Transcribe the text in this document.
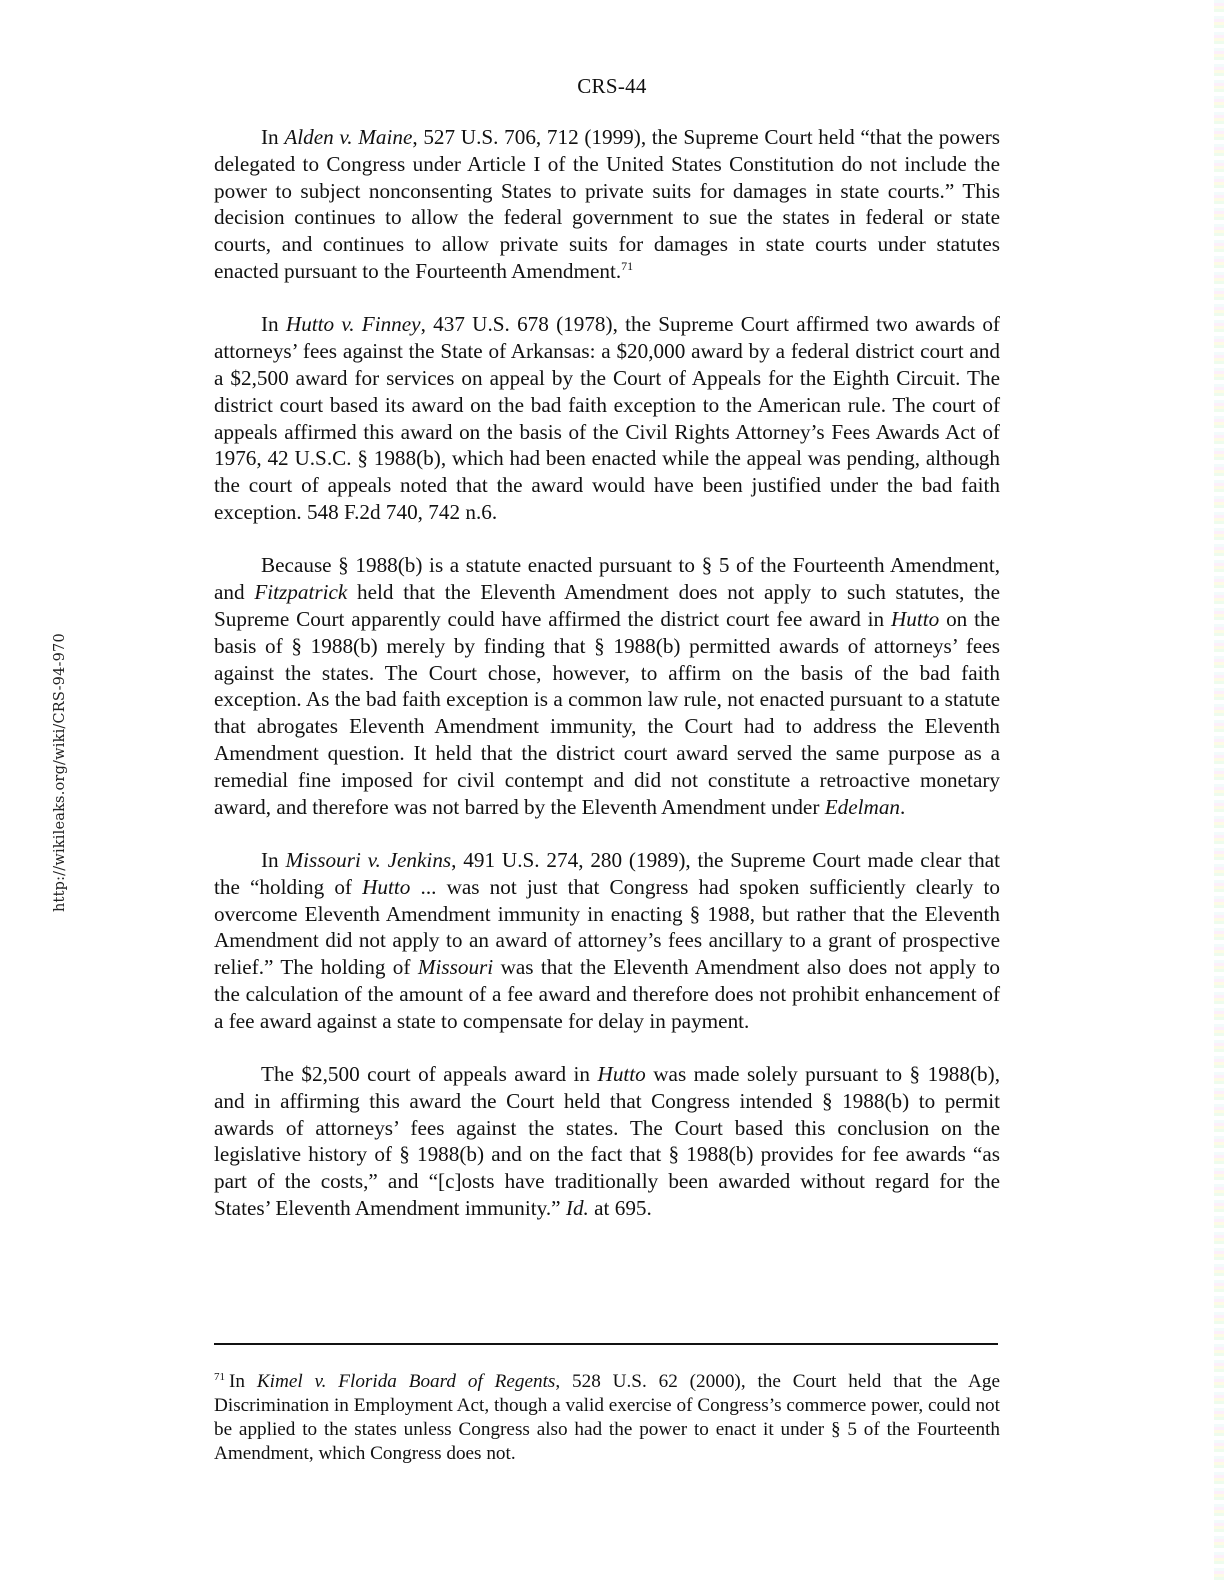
http://wikileaks.org/wiki/CRS-94-970
CRS-44

In Alden v. Maine, 527 U.S. 706, 712 (1999), the Supreme Court held “that the powers delegated to Congress under Article I of the United States Constitution do not include the power to subject nonconsenting States to private suits for damages in state courts.” This decision continues to allow the federal government to sue the states in federal or state courts, and continues to allow private suits for damages in state courts under statutes enacted pursuant to the Fourteenth Amendment.$^{71}$

In Hutto v. Finney, 437 U.S. 678 (1978), the Supreme Court affirmed two awards of attorneys’ fees against the State of Arkansas: a $20,000 award by a federal district court and a $2,500 award for services on appeal by the Court of Appeals for the Eighth Circuit. The district court based its award on the bad faith exception to the American rule. The court of appeals affirmed this award on the basis of the Civil Rights Attorney’s Fees Awards Act of 1976, 42 U.S.C. § 1988(b), which had been enacted while the appeal was pending, although the court of appeals noted that the award would have been justified under the bad faith exception. 548 F.2d 740, 742 n.6.

Because § 1988(b) is a statute enacted pursuant to § 5 of the Fourteenth Amendment, and Fitzpatrick held that the Eleventh Amendment does not apply to such statutes, the Supreme Court apparently could have affirmed the district court fee award in Hutto on the basis of § 1988(b) merely by finding that § 1988(b) permitted awards of attorneys’ fees against the states. The Court chose, however, to affirm on the basis of the bad faith exception. As the bad faith exception is a common law rule, not enacted pursuant to a statute that abrogates Eleventh Amendment immunity, the Court had to address the Eleventh Amendment question. It held that the district court award served the same purpose as a remedial fine imposed for civil contempt and did not constitute a retroactive monetary award, and therefore was not barred by the Eleventh Amendment under Edelman.

In Missouri v. Jenkins, 491 U.S. 274, 280 (1989), the Supreme Court made clear that the “holding of Hutto ... was not just that Congress had spoken sufficiently clearly to overcome Eleventh Amendment immunity in enacting § 1988, but rather that the Eleventh Amendment did not apply to an award of attorney’s fees ancillary to a grant of prospective relief.” The holding of Missouri was that the Eleventh Amendment also does not apply to the calculation of the amount of a fee award and therefore does not prohibit enhancement of a fee award against a state to compensate for delay in payment.

The $2,500 court of appeals award in Hutto was made solely pursuant to § 1988(b), and in affirming this award the Court held that Congress intended § 1988(b) to permit awards of attorneys’ fees against the states. The Court based this conclusion on the legislative history of § 1988(b) and on the fact that § 1988(b) provides for fee awards “as part of the costs,” and “[c]osts have traditionally been awarded without regard for the States’ Eleventh Amendment immunity.” Id. at 695.

$^{71}$ In Kimel v. Florida Board of Regents, 528 U.S. 62 (2000), the Court held that the Age Discrimination in Employment Act, though a valid exercise of Congress’s commerce power, could not be applied to the states unless Congress also had the power to enact it under § 5 of the Fourteenth Amendment, which Congress does not.
